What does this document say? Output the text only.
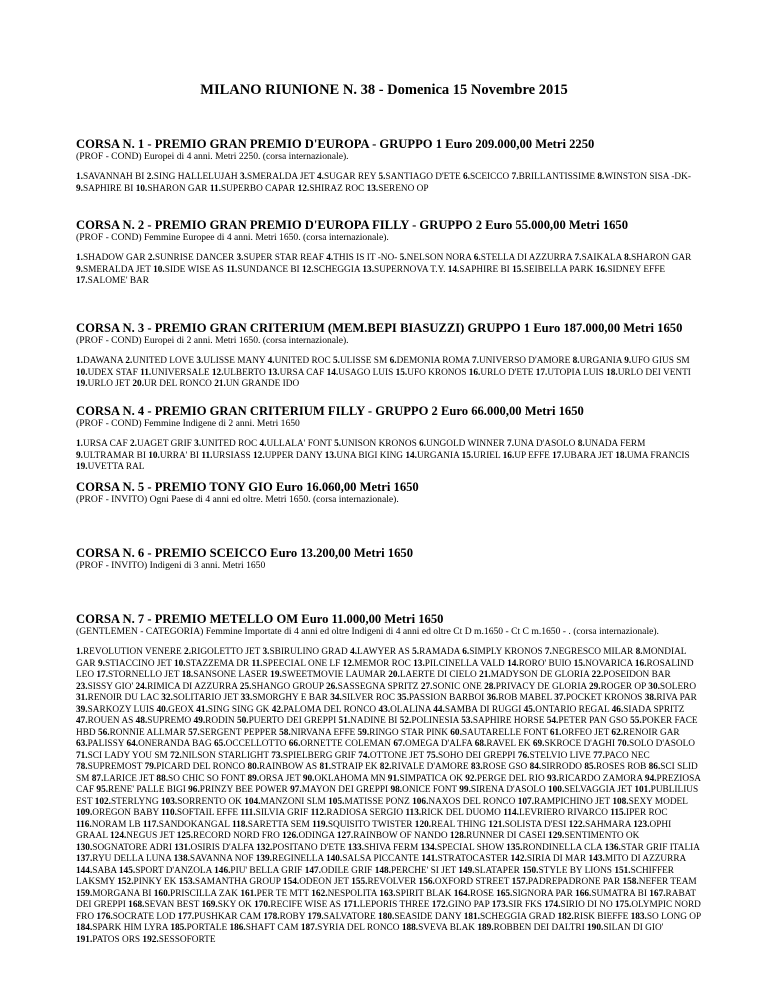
MILANO RIUNIONE N. 38 - Domenica 15 Novembre 2015
CORSA N. 1 - PREMIO GRAN PREMIO D'EUROPA - GRUPPO 1 Euro 209.000,00 Metri 2250
(PROF - COND) Europei di 4 anni. Metri 2250. (corsa internazionale).
1.SAVANNAH BI 2.SING HALLELUJAH 3.SMERALDA JET 4.SUGAR REY 5.SANTIAGO D'ETE 6.SCEICCO 7.BRILLANTISSIME 8.WINSTON SISA -DK- 9.SAPHIRE BI 10.SHARON GAR 11.SUPERBO CAPAR 12.SHIRAZ ROC 13.SERENO OP
CORSA N. 2 - PREMIO GRAN PREMIO D'EUROPA FILLY - GRUPPO 2 Euro 55.000,00 Metri 1650
(PROF - COND) Femmine Europee di 4 anni. Metri 1650. (corsa internazionale).
1.SHADOW GAR 2.SUNRISE DANCER 3.SUPER STAR REAF 4.THIS IS IT -NO- 5.NELSON NORA 6.STELLA DI AZZURRA 7.SAIKALA 8.SHARON GAR 9.SMERALDA JET 10.SIDE WISE AS 11.SUNDANCE BI 12.SCHEGGIA 13.SUPERNOVA T.Y. 14.SAPHIRE BI 15.SEIBELLA PARK 16.SIDNEY EFFE 17.SALOME' BAR
CORSA N. 3 - PREMIO GRAN CRITERIUM (MEM.BEPI BIASUZZI) GRUPPO 1 Euro 187.000,00 Metri 1650
(PROF - COND) Europei di 2 anni. Metri 1650. (corsa internazionale).
1.DAWANA 2.UNITED LOVE 3.ULISSE MANY 4.UNITED ROC 5.ULISSE SM 6.DEMONIA ROMA 7.UNIVERSO D'AMORE 8.URGANIA 9.UFO GIUS SM 10.UDEX STAF 11.UNIVERSALE 12.ULBERTO 13.URSA CAF 14.USAGO LUIS 15.UFO KRONOS 16.URLO D'ETE 17.UTOPIA LUIS 18.URLO DEI VENTI 19.URLO JET 20.UR DEL RONCO 21.UN GRANDE IDO
CORSA N. 4 - PREMIO GRAN CRITERIUM FILLY - GRUPPO 2 Euro 66.000,00 Metri 1650
(PROF - COND) Femmine Indigene di 2 anni. Metri 1650
1.URSA CAF 2.UAGET GRIF 3.UNITED ROC 4.ULLALA' FONT 5.UNISON KRONOS 6.UNGOLD WINNER 7.UNA D'ASOLO 8.UNADA FERM 9.ULTRAMAR BI 10.URRA' BI 11.URSIASS 12.UPPER DANY 13.UNA BIGI KING 14.URGANIA 15.URIEL 16.UP EFFE 17.UBARA JET 18.UMA FRANCIS 19.UVETTA RAL
CORSA N. 5 - PREMIO TONY GIO Euro 16.060,00 Metri 1650
(PROF - INVITO) Ogni Paese di 4 anni ed oltre. Metri 1650. (corsa internazionale).
CORSA N. 6 - PREMIO SCEICCO Euro 13.200,00 Metri 1650
(PROF - INVITO) Indigeni di 3 anni. Metri 1650
CORSA N. 7 - PREMIO METELLO OM Euro 11.000,00 Metri 1650
(GENTLEMEN - CATEGORIA) Femmine Importate di 4 anni ed oltre Indigeni di 4 anni ed oltre Ct D m.1650 - Ct C m.1650 - . (corsa internazionale).
1.REVOLUTION VENERE 2.RIGOLETTO JET 3.SBIRULINO GRAD 4.LAWYER AS 5.RAMADA 6.SIMPLY KRONOS 7.NEGRESCO MILAR 8.MONDIAL GAR 9.STIACCINO JET 10.STAZZEMA DR 11.SPEECIAL ONE LF 12.MEMOR ROC 13.PILCINELLA VALD 14.RORO' BUIO 15.NOVARICA 16.ROSALIND LEO 17.STORNELLO JET 18.SANSONE LASER 19.SWEETMOVIE LAUMAR 20.LAERTE DI CIELO 21.MADYSON DE GLORIA 22.POSEIDON BAR 23.SISSY GIO' 24.RIMICA DI AZZURRA 25.SHANGO GROUP 26.SASSEGNA SPRITZ 27.SONIC ONE 28.PRIVACY DE GLORIA 29.ROGER OP 30.SOLERO 31.RENOIR DU LAC 32.SOLITARIO JET 33.SMORGHY E BAR 34.SILVER ROC 35.PASSION BARBOI 36.ROB MABEL 37.POCKET KRONOS 38.RIVA PAR 39.SARKOZY LUIS 40.GEOX 41.SING SING GK 42.PALOMA DEL RONCO 43.OLALINA 44.SAMBA DI RUGGI 45.ONTARIO REGAL 46.SIADA SPRITZ 47.ROUEN AS 48.SUPREMO 49.RODIN 50.PUERTO DEI GREPPI 51.NADINE BI 52.POLINESIA 53.SAPHIRE HORSE 54.PETER PAN GSO 55.POKER FACE HBD 56.RONNIE ALLMAR 57.SERGENT PEPPER 58.NIRVANA EFFE 59.RINGO STAR PINK 60.SAUTARELLE FONT 61.ORFEO JET 62.RENOIR GAR 63.PALISSY 64.ONERANDA BAG 65.OCCELLOTTO 66.ORNETTE COLEMAN 67.OMEGA D'ALFA 68.RAVEL EK 69.SKROCE D'AGHI 70.SOLO D'ASOLO 71.SCI LADY YOU SM 72.NILSON STARLIGHT 73.SPIELBERG GRIF 74.OTTONE JET 75.SOHO DEI GREPPI 76.STELVIO LIVE 77.PACO NEC 78.SUPREMOST 79.PICARD DEL RONCO 80.RAINBOW AS 81.STRAIP EK 82.RIVALE D'AMORE 83.ROSE GSO 84.SIRRODO 85.ROSES ROB 86.SCI SLID SM 87.LARICE JET 88.SO CHIC SO FONT 89.ORSA JET 90.OKLAHOMA MN 91.SIMPATICA OK 92.PERGE DEL RIO 93.RICARDO ZAMORA 94.PREZIOSA CAF 95.RENE' PALLE BIGI 96.PRINZY BEE POWER 97.MAYON DEI GREPPI 98.ONICE FONT 99.SIRENA D'ASOLO 100.SELVAGGIA JET 101.PUBLILIUS EST 102.STERLYNG 103.SORRENTO OK 104.MANZONI SLM 105.MATISSE PONZ 106.NAXOS DEL RONCO 107.RAMPICHINO JET 108.SEXY MODEL 109.OREGON BABY 110.SOFTAIL EFFE 111.SILVIA GRIF 112.RADIOSA SERGIO 113.RICK DEL DUOMO 114.LEVRIERO RIVARCO 115.IPER ROC 116.NORAM LB 117.SANDOKANGAL 118.SARETTA SEM 119.SQUISITO TWISTER 120.REAL THING 121.SOLISTA D'ESI 122.SAHMARA 123.OPHI GRAAL 124.NEGUS JET 125.RECORD NORD FRO 126.ODINGA 127.RAINBOW OF NANDO 128.RUNNER DI CASEI 129.SENTIMENTO OK 130.SOGNATORE ADRI 131.OSIRIS D'ALFA 132.POSITANO D'ETE 133.SHIVA FERM 134.SPECIAL SHOW 135.RONDINELLA CLA 136.STAR GRIF ITALIA 137.RYU DELLA LUNA 138.SAVANNA NOF 139.REGINELLA 140.SALSA PICCANTE 141.STRATOCASTER 142.SIRIA DI MAR 143.MITO DI AZZURRA 144.SABA 145.SPORT D'ANZOLA 146.PIU' BELLA GRIF 147.ODILE GRIF 148.PERCHE' SI JET 149.SLATAPER 150.STYLE BY LIONS 151.SCHIFFER LAKSMY 152.PINKY EK 153.SAMANTHA GROUP 154.ODEON JET 155.REVOLVER 156.OXFORD STREET 157.PADREPADRONE PAR 158.NEFER TEAM 159.MORGANA BI 160.PRISCILLA ZAK 161.PER TE MTT 162.NESPOLITA 163.SPIRIT BLAK 164.ROSE 165.SIGNORA PAR 166.SUMATRA BI 167.RABAT DEI GREPPI 168.SEVAN BEST 169.SKY OK 170.RECIFE WISE AS 171.LEPORIS THREE 172.GINO PAP 173.SIR FKS 174.SIRIO DI NO 175.OLYMPIC NORD FRO 176.SOCRATE LOD 177.PUSHKAR CAM 178.ROBY 179.SALVATORE 180.SEASIDE DANY 181.SCHEGGIA GRAD 182.RISK BIEFFE 183.SO LONG OP 184.SPARK HIM LYRA 185.PORTALE 186.SHAFT CAM 187.SYRIA DEL RONCO 188.SVEVA BLAK 189.ROBBEN DEI DALTRI 190.SILAN DI GIO' 191.PATOS ORS 192.SESSOFORTE
